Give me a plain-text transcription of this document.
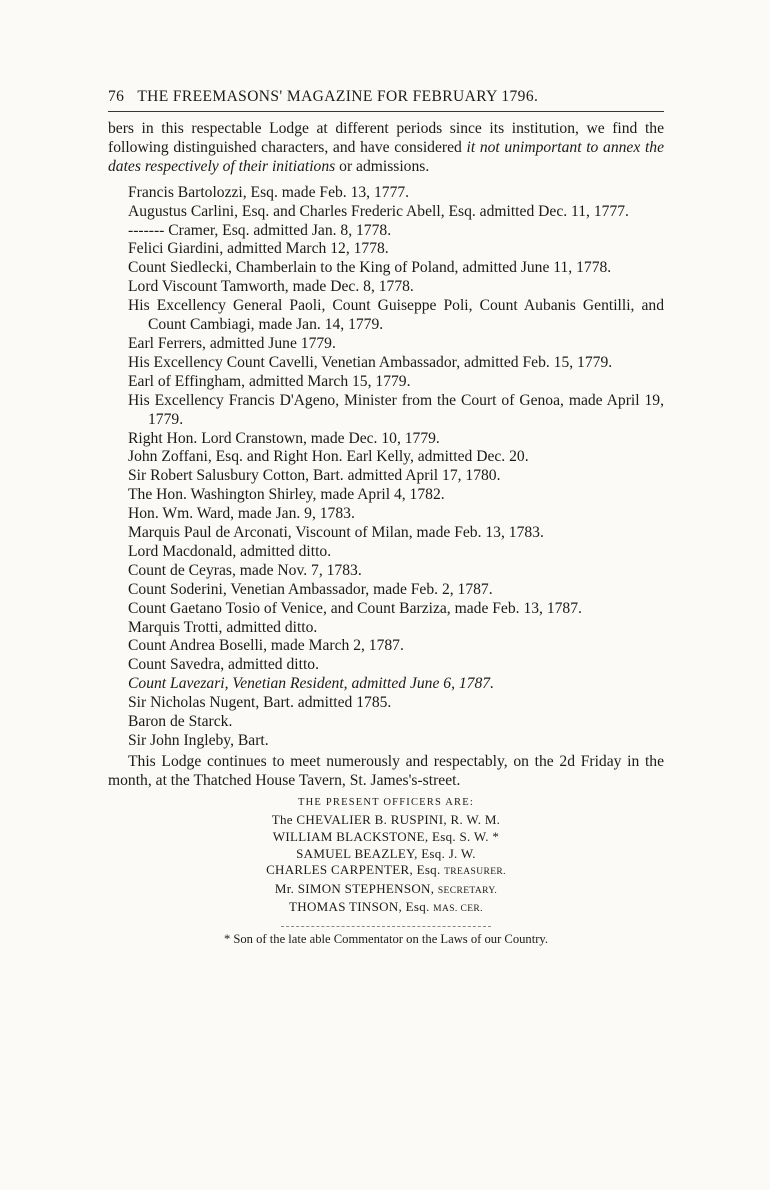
76 THE FREEMASONS' MAGAZINE FOR FEBRUARY 1796.

bers in this respectable Lodge at different periods since its institution, we find the following distinguished characters, and have considered it not unimportant to annex the dates respectively of their initiations or admissions.

Francis Bartolozzi, Esq. made Feb. 13, 1777.
Augustus Carlini, Esq. and Charles Frederic Abell, Esq. admitted Dec. 11, 1777.
------- Cramer, Esq. admitted Jan. 8, 1778.
Felici Giardini, admitted March 12, 1778.
Count Siedlecki, Chamberlain to the King of Poland, admitted June 11, 1778.
Lord Viscount Tamworth, made Dec. 8, 1778.
His Excellency General Paoli, Count Guiseppe Poli, Count Aubanis Gentilli, and Count Cambiagi, made Jan. 14, 1779.
Earl Ferrers, admitted June 1779.
His Excellency Count Cavelli, Venetian Ambassador, admitted Feb. 15, 1779.
Earl of Effingham, admitted March 15, 1779.
His Excellency Francis D'Ageno, Minister from the Court of Genoa, made April 19, 1779.
Right Hon. Lord Cranstown, made Dec. 10, 1779.
John Zoffani, Esq. and Right Hon. Earl Kelly, admitted Dec. 20.
Sir Robert Salusbury Cotton, Bart. admitted April 17, 1780.
The Hon. Washington Shirley, made April 4, 1782.
Hon. Wm. Ward, made Jan. 9, 1783.
Marquis Paul de Arconati, Viscount of Milan, made Feb. 13, 1783.
Lord Macdonald, admitted ditto.
Count de Ceyras, made Nov. 7, 1783.
Count Soderini, Venetian Ambassador, made Feb. 2, 1787.
Count Gaetano Tosio of Venice, and Count Barziza, made Feb. 13, 1787.
Marquis Trotti, admitted ditto.
Count Andrea Boselli, made March 2, 1787.
Count Savedra, admitted ditto.
Count Lavezari, Venetian Resident, admitted June 6, 1787.
Sir Nicholas Nugent, Bart. admitted 1785.
Baron de Starck.
Sir John Ingleby, Bart.

This Lodge continues to meet numerously and respectably, on the 2d Friday in the month, at the Thatched House Tavern, St. James's-street.

THE PRESENT OFFICERS ARE:
The CHEVALIER B. RUSPINI, R. W. M.
WILLIAM BLACKSTONE, Esq. S. W. *
SAMUEL BEAZLEY, Esq. J. W.
CHARLES CARPENTER, Esq. TREASURER.
Mr. SIMON STEPHENSON, SECRETARY.
THOMAS TINSON, Esq. MAS. CER.
* Son of the late able Commentator on the Laws of our Country.
